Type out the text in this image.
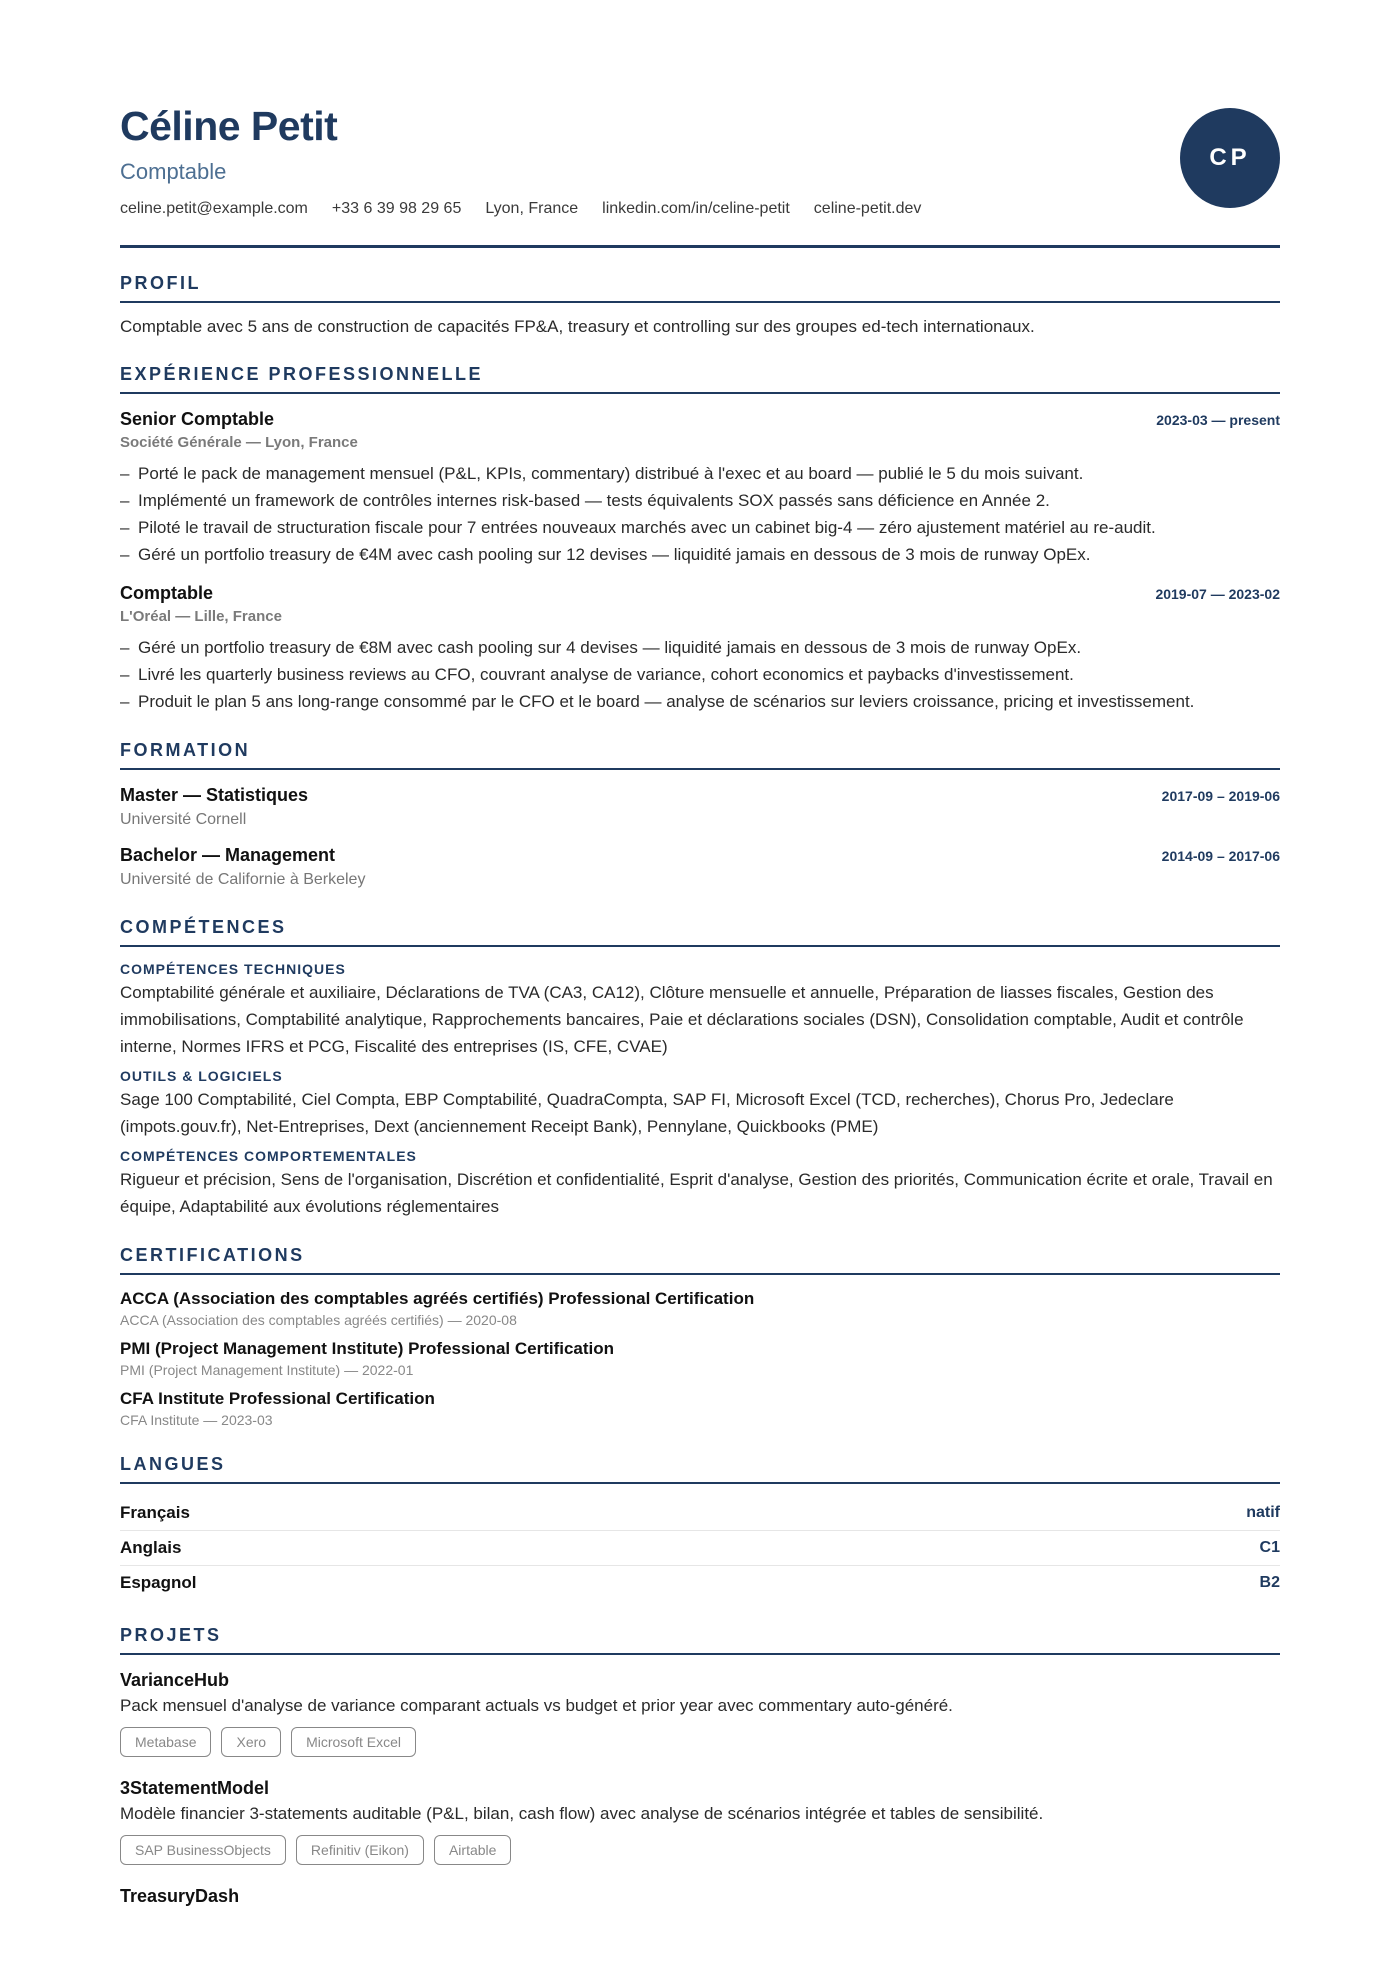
Céline Petit
Comptable
celine.petit@example.com +33 6 39 98 29 65 Lyon, France linkedin.com/in/celine-petit celine-petit.dev
CP
PROFIL
Comptable avec 5 ans de construction de capacités FP&A, treasury et controlling sur des groupes ed-tech internationaux.
EXPÉRIENCE PROFESSIONNELLE
Senior Comptable	2023-03 — present
Société Générale — Lyon, France
– Porté le pack de management mensuel (P&L, KPIs, commentary) distribué à l'exec et au board — publié le 5 du mois suivant.
– Implémenté un framework de contrôles internes risk-based — tests équivalents SOX passés sans déficience en Année 2.
– Piloté le travail de structuration fiscale pour 7 entrées nouveaux marchés avec un cabinet big-4 — zéro ajustement matériel au re-audit.
– Géré un portfolio treasury de €4M avec cash pooling sur 12 devises — liquidité jamais en dessous de 3 mois de runway OpEx.
Comptable	2019-07 — 2023-02
L'Oréal — Lille, France
– Géré un portfolio treasury de €8M avec cash pooling sur 4 devises — liquidité jamais en dessous de 3 mois de runway OpEx.
– Livré les quarterly business reviews au CFO, couvrant analyse de variance, cohort economics et paybacks d'investissement.
– Produit le plan 5 ans long-range consommé par le CFO et le board — analyse de scénarios sur leviers croissance, pricing et investissement.
FORMATION
Master — Statistiques	2017-09 – 2019-06
Université Cornell
Bachelor — Management	2014-09 – 2017-06
Université de Californie à Berkeley
COMPÉTENCES
COMPÉTENCES TECHNIQUES
Comptabilité générale et auxiliaire, Déclarations de TVA (CA3, CA12), Clôture mensuelle et annuelle, Préparation de liasses fiscales, Gestion des immobilisations, Comptabilité analytique, Rapprochements bancaires, Paie et déclarations sociales (DSN), Consolidation comptable, Audit et contrôle interne, Normes IFRS et PCG, Fiscalité des entreprises (IS, CFE, CVAE)
OUTILS & LOGICIELS
Sage 100 Comptabilité, Ciel Compta, EBP Comptabilité, QuadraCompta, SAP FI, Microsoft Excel (TCD, recherches), Chorus Pro, Jedeclare (impots.gouv.fr), Net-Entreprises, Dext (anciennement Receipt Bank), Pennylane, Quickbooks (PME)
COMPÉTENCES COMPORTEMENTALES
Rigueur et précision, Sens de l'organisation, Discrétion et confidentialité, Esprit d'analyse, Gestion des priorités, Communication écrite et orale, Travail en équipe, Adaptabilité aux évolutions réglementaires
CERTIFICATIONS
ACCA (Association des comptables agréés certifiés) Professional Certification
ACCA (Association des comptables agréés certifiés) — 2020-08
PMI (Project Management Institute) Professional Certification
PMI (Project Management Institute) — 2022-01
CFA Institute Professional Certification
CFA Institute — 2023-03
LANGUES
Français	natif
Anglais	C1
Espagnol	B2
PROJETS
VarianceHub
Pack mensuel d'analyse de variance comparant actuals vs budget et prior year avec commentary auto-généré.
Metabase	Xero	Microsoft Excel
3StatementModel
Modèle financier 3-statements auditable (P&L, bilan, cash flow) avec analyse de scénarios intégrée et tables de sensibilité.
SAP BusinessObjects	Refinitiv (Eikon)	Airtable
TreasuryDash
